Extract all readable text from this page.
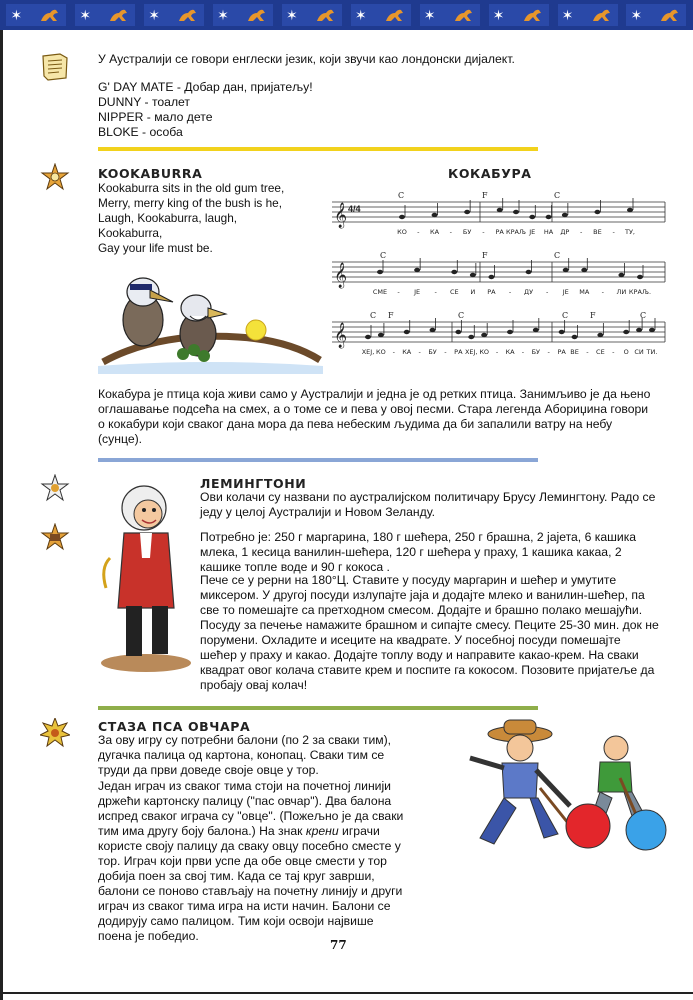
✶	✶	✶	✶	✶	✶	✶	✶	✶	✶

У Аустралији се говори енглески језик, који звучи као лондонски дијалект.

G' DAY MATE - Добар дан, пријатељу!

DUNNY - тоалет

NIPPER - мало дете

BLOKE - особа

KOOKABURRA	КОКАБУРА

Kookaburra sits in the old gum tree,

Merry, merry king of the bush is he,

Laugh, Kookaburra, laugh,

Kookaburra,

Gay your life must be.

𝄞 4/4
C	F	C
КО - КА - БУ - РА КРАЉ ЈЕ НА ДР - ВЕ - ТУ,
𝄞
C	F	C
СМЕ - ЈЕ - СЕ И РА - ДУ - ЈЕ МА - ЛИ КРАЉ.
𝄞
C F	C	C	F	C
ХЕЈ, КО - КА - БУ - РА ХЕЈ, КО - КА - БУ - РА ВЕ - СЕ - О СИ ТИ.
Кокабура је птица која живи само у Аустралији и једна је од ретких птица. Занимљиво је да њено оглашавање подсећа на смех, а о томе се и пева у овој песми. Стара легенда Абориџина говори о кокабури који сваког дана мора да пева небеским људима да би запалили ватру на небу (сунце).
ЛЕМИНГТОНИ
Ови колачи су названи по аустралијском политичару Брусу Лемингтону. Радо се једу у целој Аустралији и Новом Зеланду.
Потребно је: 250 г маргарина, 180 г шећера, 250 г брашна, 2 јајета, 6 кашика млека, 1 кесица ванилин-шећера, 120 г шећера у праху, 1 кашика какаа, 2 кашике топле воде и 90 г кокоса .
Пече се у рерни на 180°Ц. Ставите у посуду маргарин и шећер и умутите миксером. У другој посуди излупајте јаја и додајте млеко и ванилин-шећер, па све то помешајте са претходном смесом. Додајте и брашно полако мешајући. Посуду за печење намажите брашном и сипајте смесу. Пеците 25-30 мин. док не порумени. Охладите и исеците на квадрате. У посебној посуди помешајте шећер у праху и какао. Додајте топлу воду и направите какао-крем. На сваки квадрат овог колача ставите крем и поспите га кокосом. Позовите пријатеље да пробају овај колач!
СТАЗА ПСА ОВЧАРА
За ову игру су потребни балони (по 2 за сваки тим), дугачка палица од картона, конопац. Сваки тим се труди да први доведе своје овце у тор.
Један играч из сваког тима стоји на почетној линији држећи картонску палицу ("пас овчар"). Два балона испред сваког играча су "овце". (Пожељно је да сваки тим има другу боју балона.) На знак крени играчи користе своју палицу да сваку овцу посебно сместе у тор. Играч који први успе да обе овце смести у тор добија поен за свој тим. Када се тај круг заврши, балони се поново стављају на почетну линију и други играч из сваког тима игра на исти начин. Балони се додирују само палицом. Тим који освоји највише поена је победио.
77
